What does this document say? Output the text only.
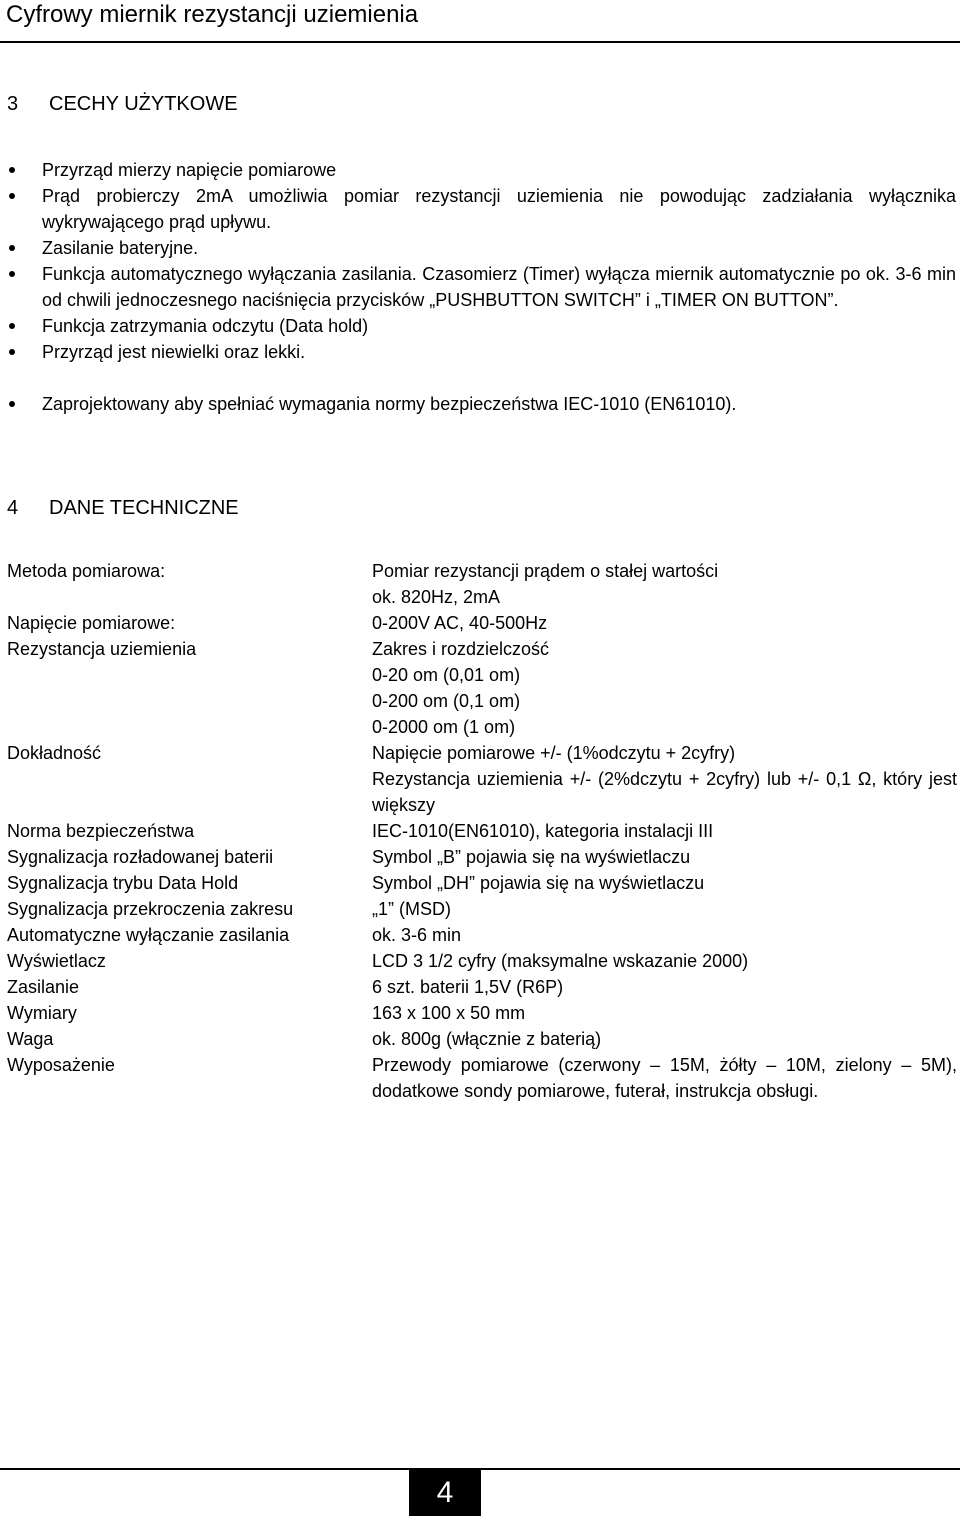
Cyfrowy miernik rezystancji uziemienia
3 CECHY UŻYTKOWE
Przyrząd mierzy napięcie pomiarowe
Prąd probierczy 2mA umożliwia pomiar rezystancji uziemienia nie powodując zadziałania wyłącznika wykrywającego prąd upływu.
Zasilanie bateryjne.
Funkcja automatycznego wyłączania zasilania. Czasomierz (Timer) wyłącza miernik automatycznie po ok. 3-6 min od chwili jednoczesnego naciśnięcia przycisków „PUSHBUTTON SWITCH” i „TIMER ON BUTTON”.
Funkcja zatrzymania odczytu (Data hold)
Przyrząd jest niewielki oraz lekki.
Zaprojektowany aby spełniać wymagania normy bezpieczeństwa IEC-1010 (EN61010).
4 DANE TECHNICZNE
Metoda pomiarowa:	Pomiar rezystancji prądem o stałej wartości
ok. 820Hz, 2mA
Napięcie pomiarowe:	0-200V AC, 40-500Hz
Rezystancja uziemienia	Zakres i rozdzielczość
0-20 om (0,01 om)
0-200 om (0,1 om)
0-2000 om (1 om)
Dokładność	Napięcie pomiarowe +/- (1%odczytu + 2cyfry)
Rezystancja uziemienia +/- (2%dczytu + 2cyfry) lub +/- 0,1 Ω, który jest większy
Norma bezpieczeństwa	IEC-1010(EN61010), kategoria instalacji III
Sygnalizacja rozładowanej baterii	Symbol „B” pojawia się na wyświetlaczu
Sygnalizacja trybu Data Hold	Symbol „DH” pojawia się na wyświetlaczu
Sygnalizacja przekroczenia zakresu	„1” (MSD)
Automatyczne wyłączanie zasilania	ok. 3-6 min
Wyświetlacz	LCD 3 1/2 cyfry (maksymalne wskazanie 2000)
Zasilanie	6 szt. baterii 1,5V (R6P)
Wymiary	163 x 100 x 50 mm
Waga	ok. 800g (włącznie z baterią)
Wyposażenie	Przewody pomiarowe (czerwony – 15M, żółty – 10M, zielony – 5M), dodatkowe sondy pomiarowe, futerał, instrukcja obsługi.
4
